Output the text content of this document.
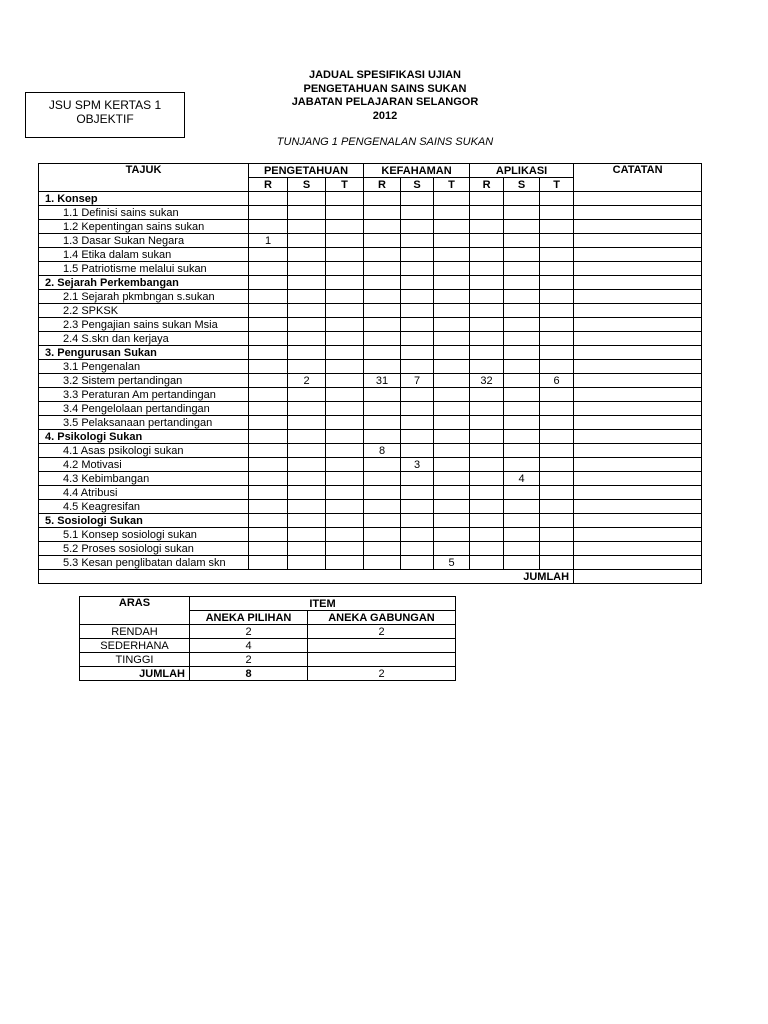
JSU SPM KERTAS 1
OBJEKTIF
JADUAL SPESIFIKASI UJIAN
PENGETAHUAN SAINS SUKAN
JABATAN PELAJARAN SELANGOR
2012
TUNJANG 1 PENGENALAN SAINS SUKAN
TAJUK	PENGETAHUAN			KEFAHAMAN			APLIKASI			CATATAN
	R	S	T	R	S	T	R	S	T	
1. Konsep										
1.1 Definisi sains sukan										
1.2 Kepentingan sains sukan										
1.3 Dasar Sukan Negara	1									
1.4 Etika dalam sukan										
1.5 Patriotisme melalui sukan										
2. Sejarah Perkembangan										
2.1 Sejarah pkmbngan s.sukan										
2.2 SPKSK										
2.3 Pengajian sains sukan Msia										
2.4 S.skn dan kerjaya										
3. Pengurusan Sukan										
3.1 Pengenalan										
3.2 Sistem pertandingan		2		31	7		32		6	
3.3 Peraturan Am pertandingan										
3.4 Pengelolaan pertandingan										
3.5 Pelaksanaan pertandingan										
4. Psikologi Sukan										
4.1 Asas psikologi sukan				8						
4.2 Motivasi					3					
4.3 Kebimbangan								4		
4.4 Atribusi										
4.5 Keagresifan										
5. Sosiologi Sukan										
5.1 Konsep sosiologi sukan										
5.2 Proses sosiologi sukan										
5.3 Kesan penglibatan dalam skn						5				
JUMLAH										
ARAS	ITEM	
	ANEKA PILIHAN	ANEKA GABUNGAN
RENDAH	2	2
SEDERHANA	4	
TINGGI	2	
JUMLAH	8	2
